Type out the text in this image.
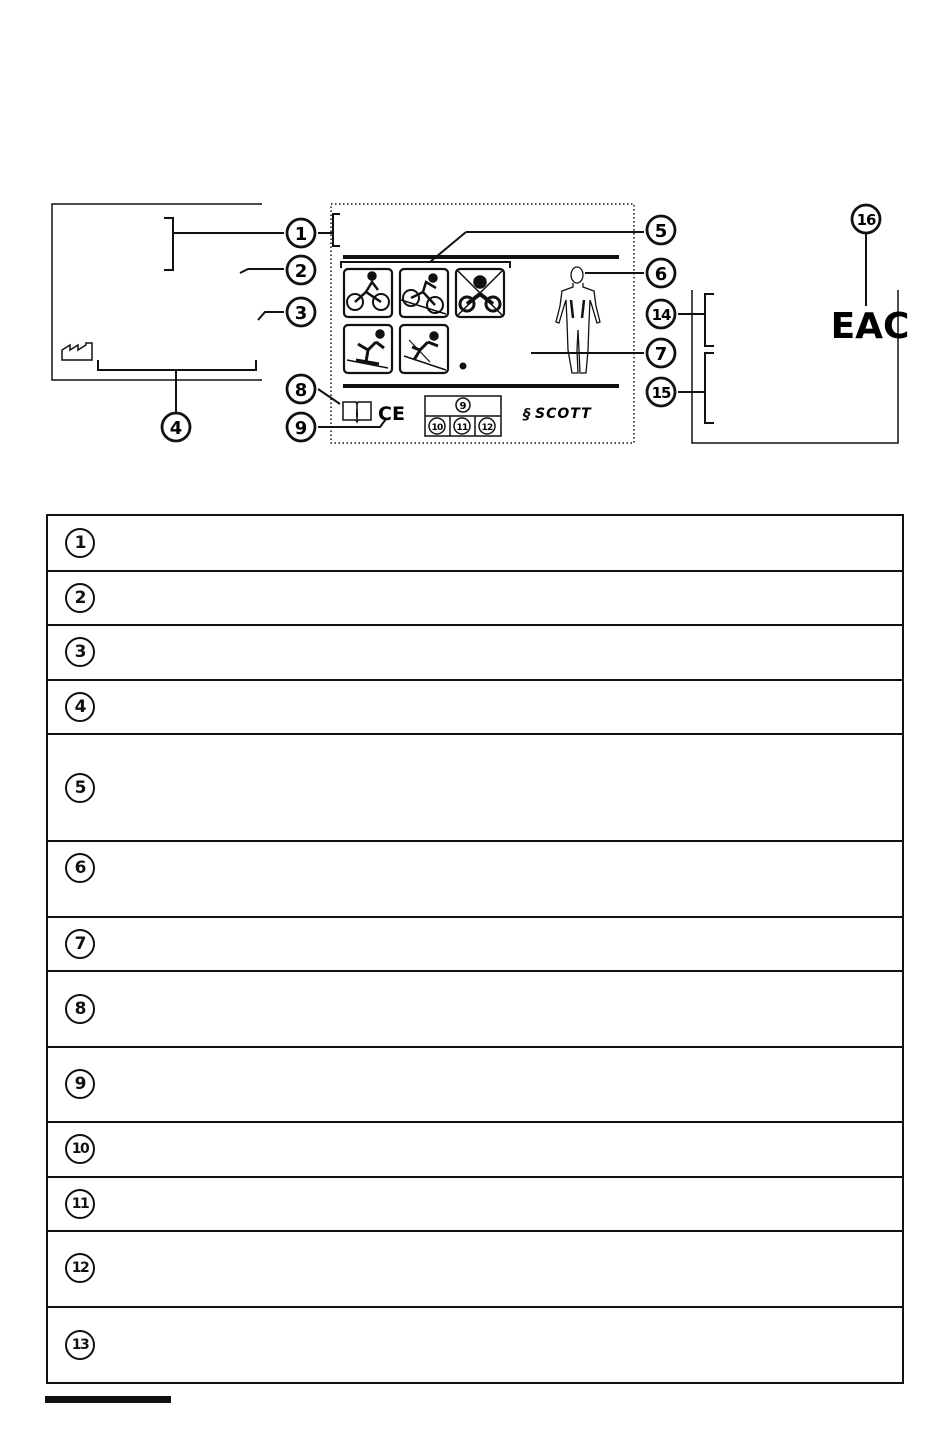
1
2
3
4
5
6
7
8
9
14
15
16
9
10 11 12
i CE
EAC
§ SCOTT
1
2
3
4
5
6
7
8
9
10
11
12
13
